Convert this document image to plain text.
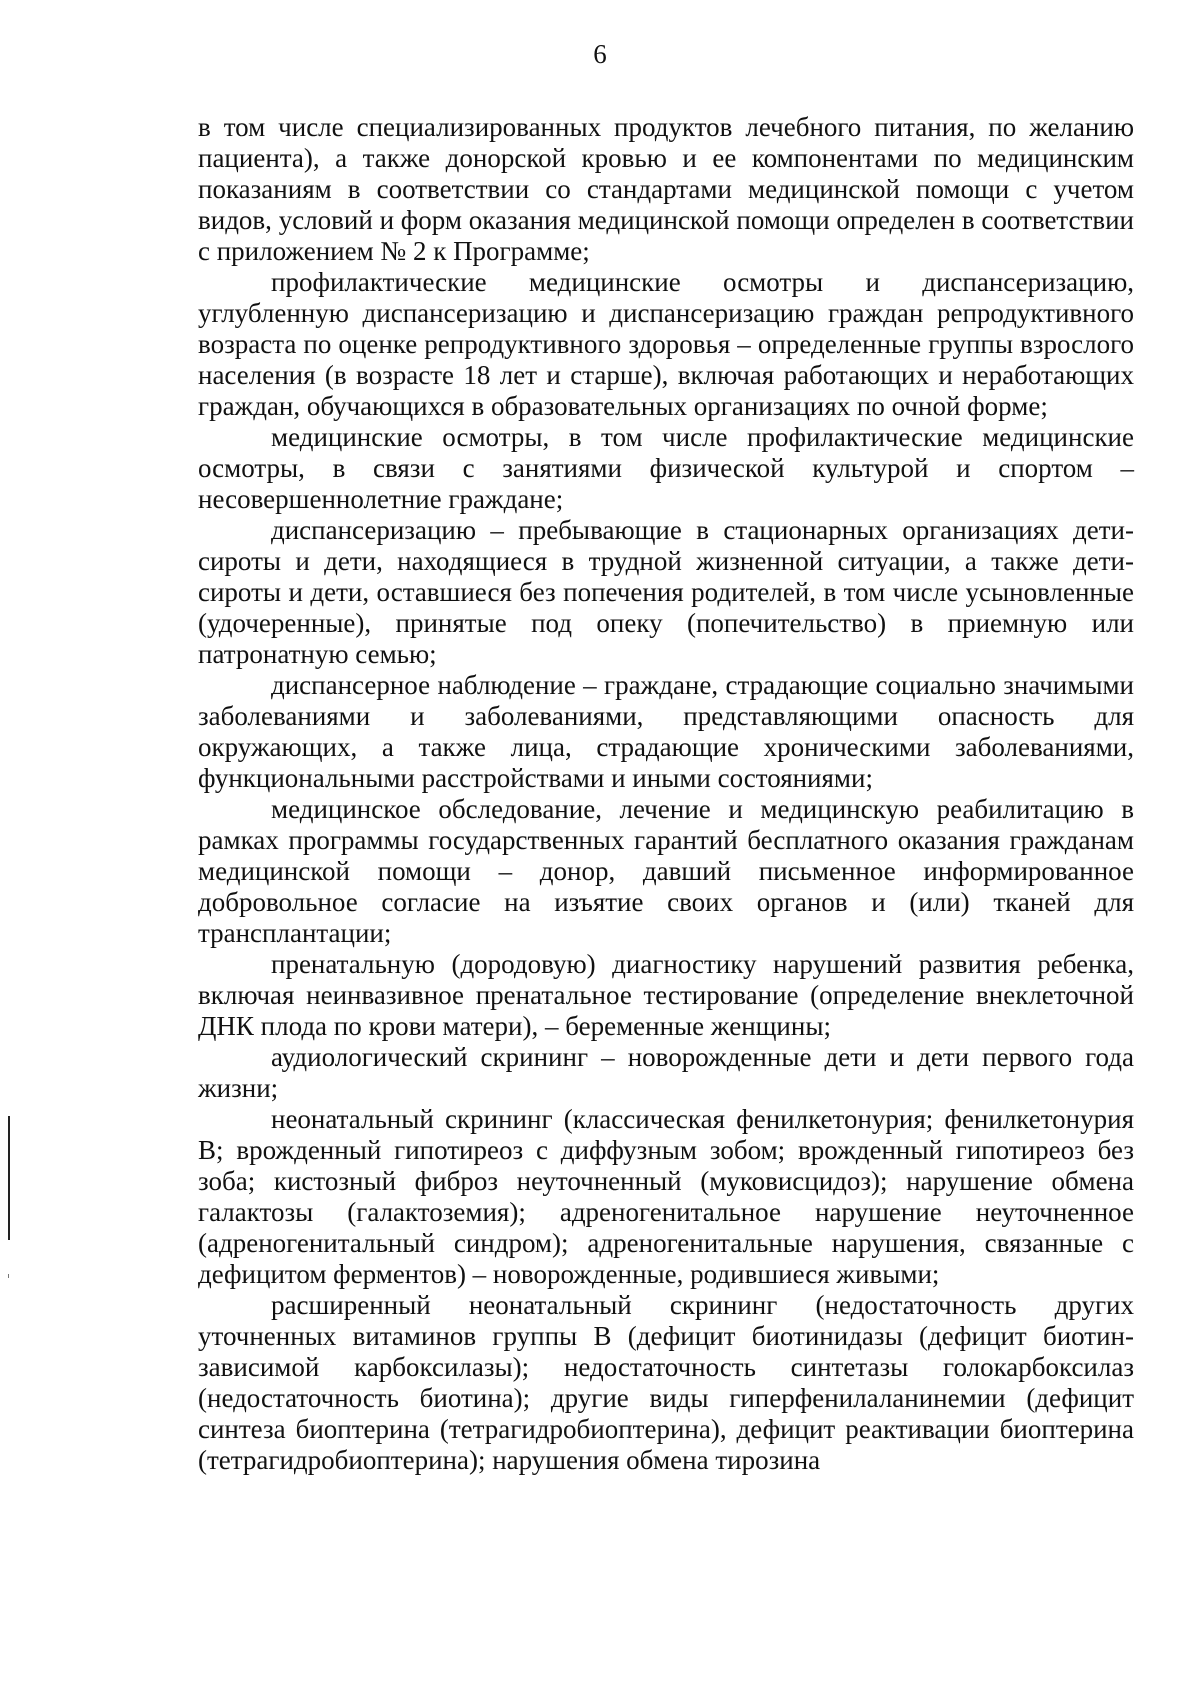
6

в том числе специализированных продуктов лечебного питания, по желанию пациента), а также донорской кровью и ее компонентами по медицинским показаниям в соответствии со стандартами медицинской помощи с учетом видов, условий и форм оказания медицинской помощи определен в соответствии с приложением № 2 к Программе;

профилактические медицинские осмотры и диспансеризацию, углубленную диспансеризацию и диспансеризацию граждан репродуктивного возраста по оценке репродуктивного здоровья – определенные группы взрослого населения (в возрасте 18 лет и старше), включая работающих и неработающих граждан, обучающихся в образовательных организациях по очной форме;

медицинские осмотры, в том числе профилактические медицинские осмотры, в связи с занятиями физической культурой и спортом – несовершеннолетние граждане;

диспансеризацию – пребывающие в стационарных организациях дети-сироты и дети, находящиеся в трудной жизненной ситуации, а также дети-сироты и дети, оставшиеся без попечения родителей, в том числе усыновленные (удочеренные), принятые под опеку (попечительство) в приемную или патронатную семью;

диспансерное наблюдение – граждане, страдающие социально значимыми заболеваниями и заболеваниями, представляющими опасность для окружающих, а также лица, страдающие хроническими заболеваниями, функциональными расстройствами и иными состояниями;

медицинское обследование, лечение и медицинскую реабилитацию в рамках программы государственных гарантий бесплатного оказания гражданам медицинской помощи – донор, давший письменное информированное добровольное согласие на изъятие своих органов и (или) тканей для трансплантации;

пренатальную (дородовую) диагностику нарушений развития ребенка, включая неинвазивное пренатальное тестирование (определение внеклеточной ДНК плода по крови матери), – беременные женщины;

аудиологический скрининг – новорожденные дети и дети первого года жизни;

неонатальный скрининг (классическая фенилкетонурия; фенилкетонурия B; врожденный гипотиреоз с диффузным зобом; врожденный гипотиреоз без зоба; кистозный фиброз неуточненный (муковисцидоз); нарушение обмена галактозы (галактоземия); адреногенитальное нарушение неуточненное (адреногенитальный синдром); адреногенитальные нарушения, связанные с дефицитом ферментов) – новорожденные, родившиеся живыми;

расширенный неонатальный скрининг (недостаточность других уточненных витаминов группы B (дефицит биотинидазы (дефицит биотин-зависимой карбоксилазы); недостаточность синтетазы голокарбоксилаз (недостаточность биотина); другие виды гиперфенилаланинемии (дефицит синтеза биоптерина (тетрагидробиоптерина), дефицит реактивации биоптерина (тетрагидробиоптерина); нарушения обмена тирозина
